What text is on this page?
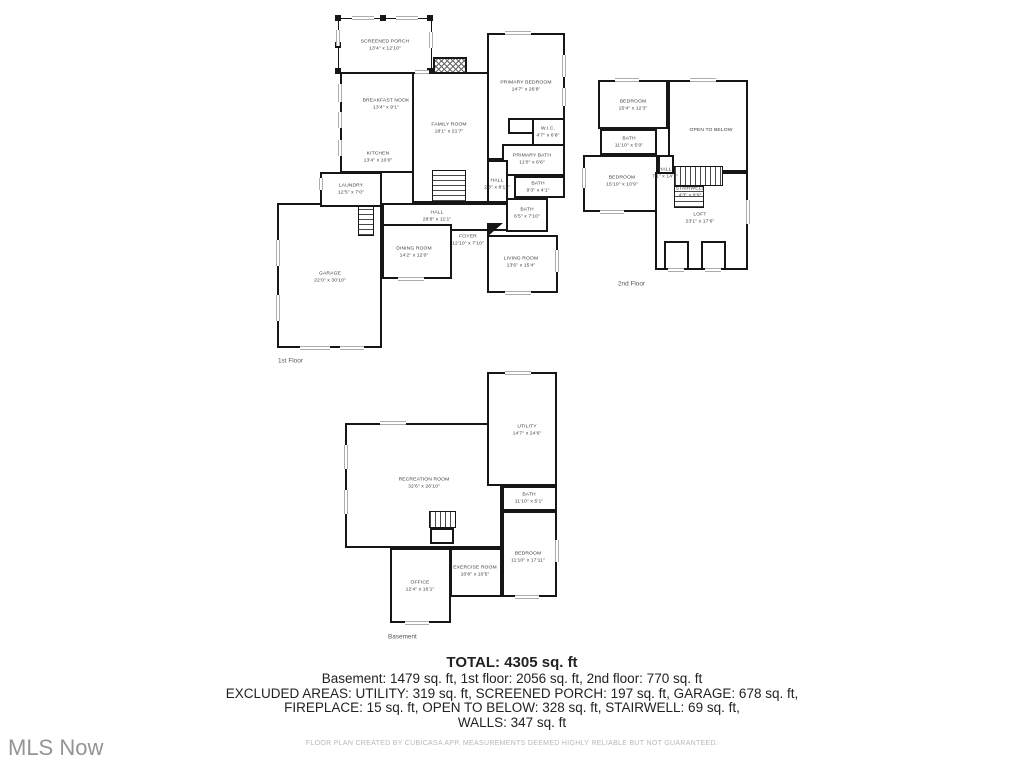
SCREENED PORCH
13'4" x 12'10"
BREAKFAST NOOK
13'4" x 9'1"
KITCHEN
13'4" x 10'0"
FAMILY ROOM
18'1" x 21'7"
PRIMARY BEDROOM
14'7" x 26'8"
W.I.C.
4'7" x 6'8"
PRIMARY BATH
11'0" x 6'8"
HALL
2'3" x 8'11"
BATH
9'3" x 4'1"
BATH
6'5" x 7'10"
LAUNDRY
12'5" x 7'0"
HALL
28'8" x 11'1"
DINING ROOM
14'2" x 12'0"
FOYER
12'10" x 7'10"
LIVING ROOM
13'6" x 15'4"
GARAGE
22'0" x 30'10"
1st Floor
BEDROOM
15'4" x 12'3"
OPEN TO BELOW
BATH
11'10" x 5'0"
BEDROOM
15'10" x 10'9"
HALL
7'1" x 14'1"
STAIRWELL
4'3" x 8'9"
LOFT
23'1" x 17'6"
2nd Floor
UTILITY
14'7" x 24'6"
RECREATION ROOM
32'6" x 26'10"
BATH
11'10" x 5'1"
BEDROOM
11'10" x 17'11"
EXERCISE ROOM
10'8" x 10'5"
OFFICE
12'4" x 16'1"
Basement
TOTAL: 4305 sq. ft
Basement: 1479 sq. ft, 1st floor: 2056 sq. ft, 2nd floor: 770 sq. ft
EXCLUDED AREAS: UTILITY: 319 sq. ft, SCREENED PORCH: 197 sq. ft, GARAGE: 678 sq. ft,
FIREPLACE: 15 sq. ft, OPEN TO BELOW: 328 sq. ft, STAIRWELL: 69 sq. ft,
WALLS: 347 sq. ft
FLOOR PLAN CREATED BY CUBICASA APP. MEASUREMENTS DEEMED HIGHLY RELIABLE BUT NOT GUARANTEED.
MLS Now
